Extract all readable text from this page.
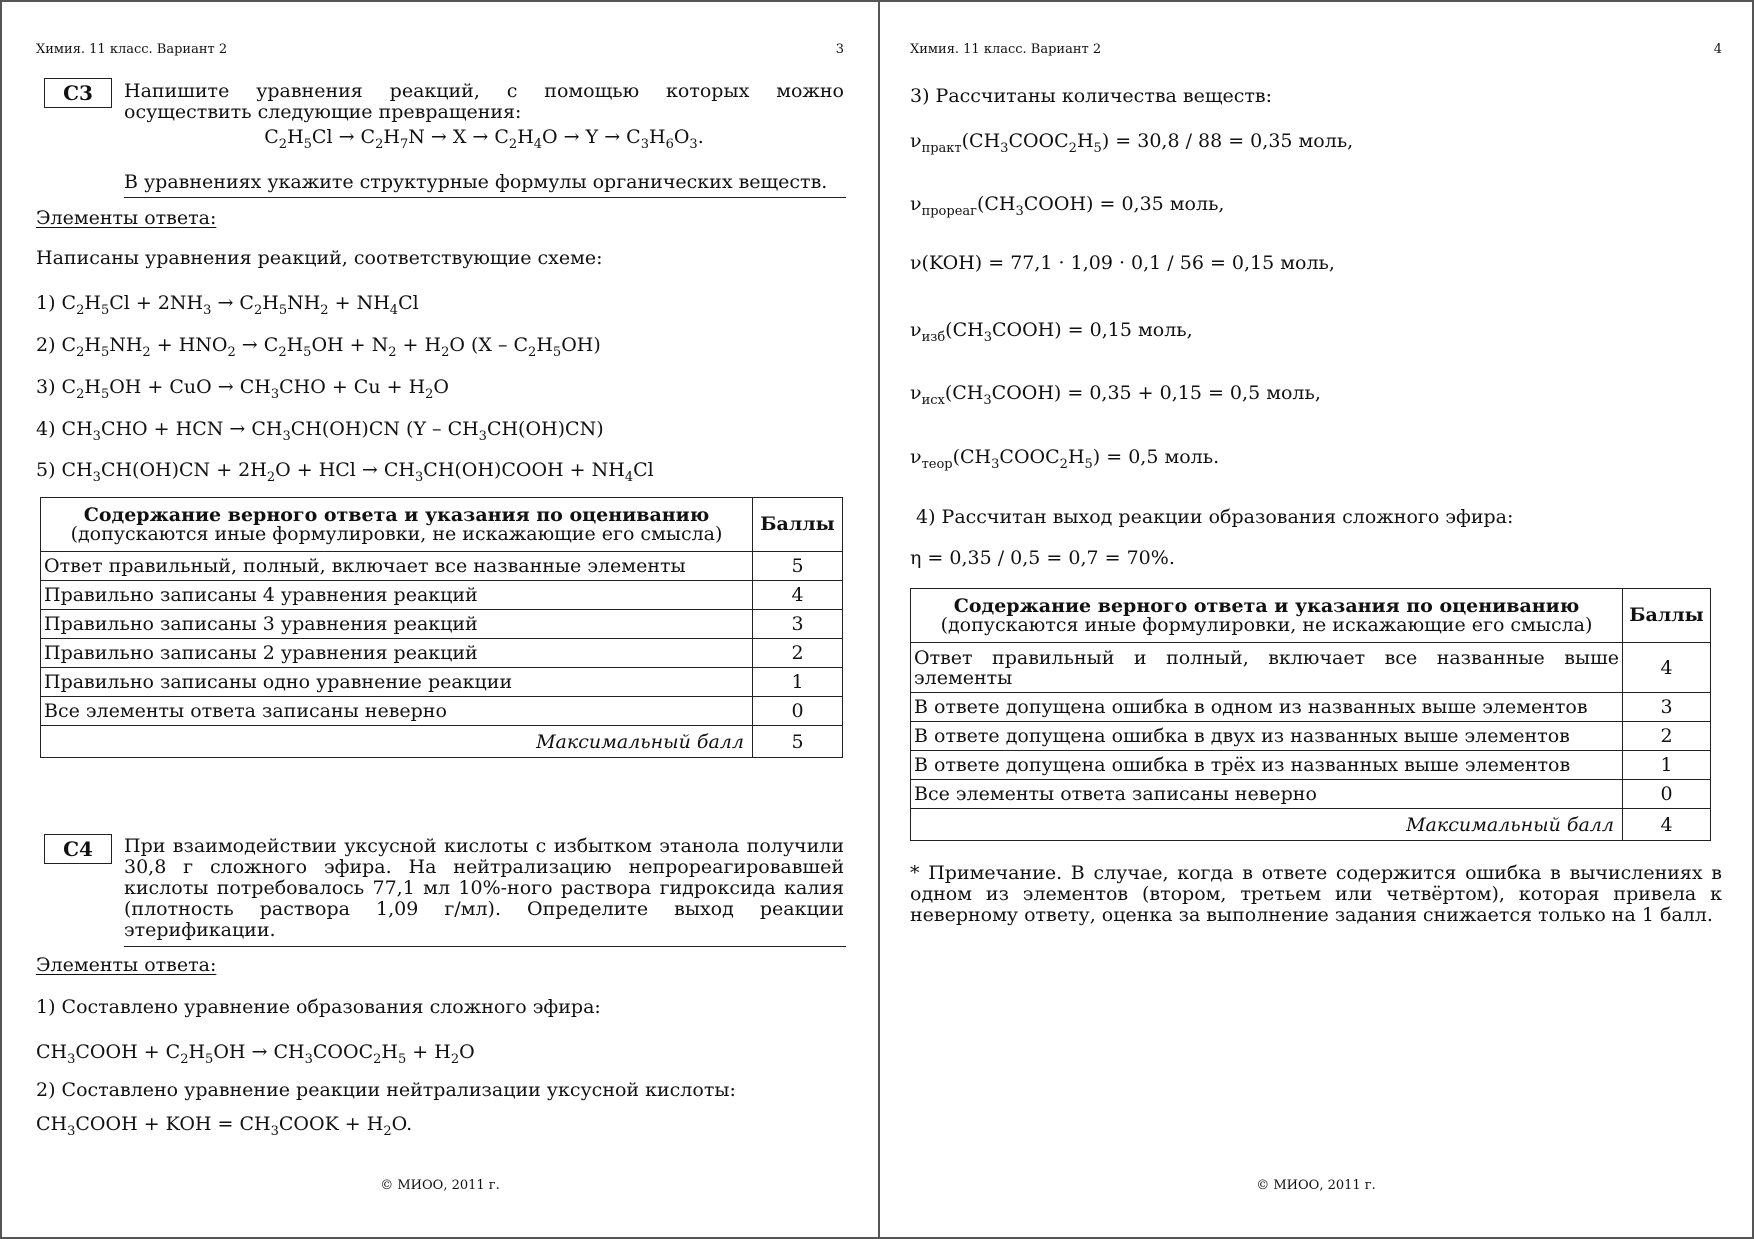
Химия. 11 класс. Вариант 2	3
C3	Напишите уравнения реакций, с помощью которых можно
осуществить следующие превращения:
$C_2H_5Cl \to C_2H_7N \to X \to C_2H_4O \to Y \to C_3H_6O_3$.
В уравнениях укажите структурные формулы органических веществ.
Элементы ответа:
Написаны уравнения реакций, соответствующие схеме:
1) $C_2H_5Cl + 2NH_3 \to C_2H_5NH_2 + NH_4Cl$
2) $C_2H_5NH_2 + HNO_2 \to C_2H_5OH + N_2 + H_2O$ $(X - C_2H_5OH)$
3) $C_2H_5OH$ + CuO → $CH_3CHO + Cu + H_2O$
4) $CH_3CHO$ + HCN → $CH_3CH(OH)CN$ $(Y - CH_3CH(OH)CN)$
5) $CH_3CH(OH)CN + 2H_2O$ + HCl → $CH_3CH(OH)COOH + NH_4Cl$
Содержание верного ответа и указания по оцениванию
(допускаются иные формулировки, не искажающие его смысла)	Баллы
Ответ правильный, полный, включает все названные элементы	5
Правильно записаны 4 уравнения реакций	4
Правильно записаны 3 уравнения реакций	3
Правильно записаны 2 уравнения реакций	2
Правильно записаны одно уравнение реакции	1
Все элементы ответа записаны неверно	0
Максимальный балл	5
C4	При взаимодействии уксусной кислоты с избытком этанола получили
30,8 г сложного эфира. На нейтрализацию непрореагировавшей
кислоты потребовалось 77,1 мл 10%-ного раствора гидроксида калия
(плотность раствора 1,09 г/мл). Определите выход реакции
этерификации.
Элементы ответа:
1) Составлено уравнение образования сложного эфира:
$CH_3COOH + C_2H_5OH$ → $CH_3COOC_2H_5 + H_2O$
2) Составлено уравнение реакции нейтрализации уксусной кислоты:
$CH_3COOH$ + KOH = $CH_3COOK + H_2O$.
© МИОО, 2011 г.
Химия. 11 класс. Вариант 2	4
3) Рассчитаны количества веществ:
$\nu_{практ}(CH_3COOC_2H_5) = 30,8 / 88 = 0,35$ моль,
$\nu_{прореаг}(CH_3COOH) = 0,35$ моль,
ν(KOH) = 77,1 · 1,09 · 0,1 / 56 = 0,15 моль,
$\nu_{изб}(CH_3COOH) = 0,15$ моль,
$\nu_{исх}(CH_3COOH) = 0,35 + 0,15 = 0,5$ моль,
$\nu_{теор}(CH_3COOC_2H_5) = 0,5$ моль.
4) Рассчитан выход реакции образования сложного эфира:
η = 0,35 / 0,5 = 0,7 = 70%.
Содержание верного ответа и указания по оцениванию
(допускаются иные формулировки, не искажающие его смысла)	Баллы

Ответ правильный и полный, включает все названные выше элементы	4
В ответе допущена ошибка в одном из названных выше элементов	3
В ответе допущена ошибка в двух из названных выше элементов	2
В ответе допущена ошибка в трёх из названных выше элементов	1
Все элементы ответа записаны неверно	0
Максимальный балл	4
* Примечание. В случае, когда в ответе содержится ошибка в вычислениях в
одном из элементов (втором, третьем или четвёртом), которая привела к
неверному ответу, оценка за выполнение задания снижается только на 1 балл.
© МИОО, 2011 г.
